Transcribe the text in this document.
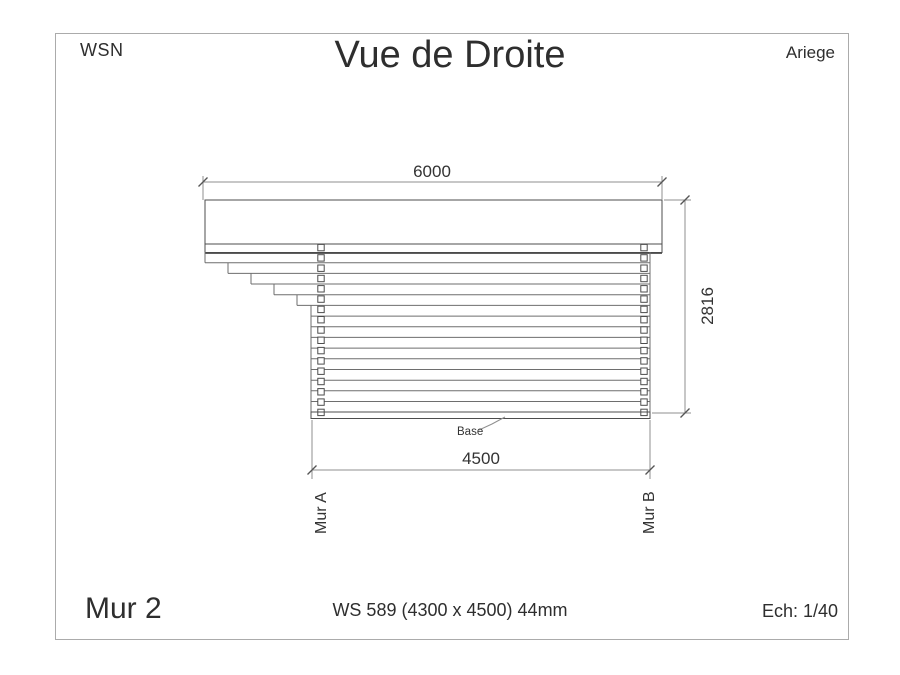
WSN	Vue de Droite	Ariege
6000
2816
4500
Base
Mur A	Mur B
Mur 2	WS 589 (4300 x 4500) 44mm	Ech: 1/40
